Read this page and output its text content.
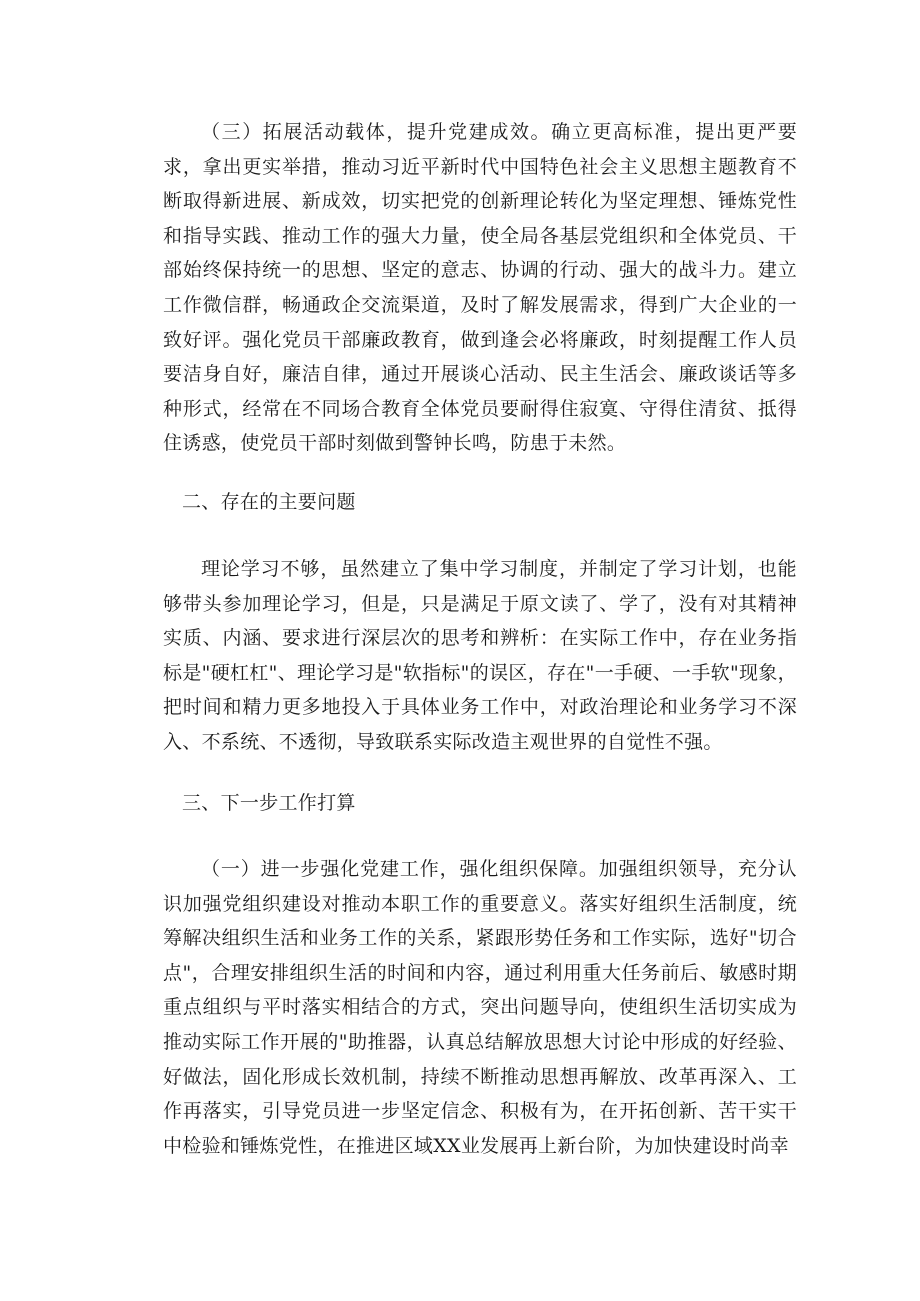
（三）拓展活动载体，提升党建成效。确立更高标准，提出更严要求，拿出更实举措，推动习近平新时代中国特色社会主义思想主题教育不断取得新进展、新成效，切实把党的创新理论转化为坚定理想、锤炼党性和指导实践、推动工作的强大力量，使全局各基层党组织和全体党员、干部始终保持统一的思想、坚定的意志、协调的行动、强大的战斗力。建立工作微信群，畅通政企交流渠道，及时了解发展需求，得到广大企业的一致好评。强化党员干部廉政教育，做到逢会必将廉政，时刻提醒工作人员要洁身自好，廉洁自律，通过开展谈心活动、民主生活会、廉政谈话等多种形式，经常在不同场合教育全体党员要耐得住寂寞、守得住清贫、抵得住诱惑，使党员干部时刻做到警钟长鸣，防患于未然。

二、存在的主要问题

理论学习不够，虽然建立了集中学习制度，并制定了学习计划，也能够带头参加理论学习，但是，只是满足于原文读了、学了，没有对其精神实质、内涵、要求进行深层次的思考和辨析：在实际工作中，存在业务指标是"硬杠杠"、理论学习是"软指标"的误区，存在"一手硬、一手软"现象，把时间和精力更多地投入于具体业务工作中，对政治理论和业务学习不深入、不系统、不透彻，导致联系实际改造主观世界的自觉性不强。

三、下一步工作打算

（一）进一步强化党建工作，强化组织保障。加强组织领导，充分认识加强党组织建设对推动本职工作的重要意义。落实好组织生活制度，统筹解决组织生活和业务工作的关系，紧跟形势任务和工作实际，选好"切合点"，合理安排组织生活的时间和内容，通过利用重大任务前后、敏感时期重点组织与平时落实相结合的方式，突出问题导向，使组织生活切实成为推动实际工作开展的"助推器，认真总结解放思想大讨论中形成的好经验、好做法，固化形成长效机制，持续不断推动思想再解放、改革再深入、工作再落实，引导党员进一步坚定信念、积极有为，在开拓创新、苦干实干中检验和锤炼党性，在推进区域XX业发展再上新台阶，为加快建设时尚幸
